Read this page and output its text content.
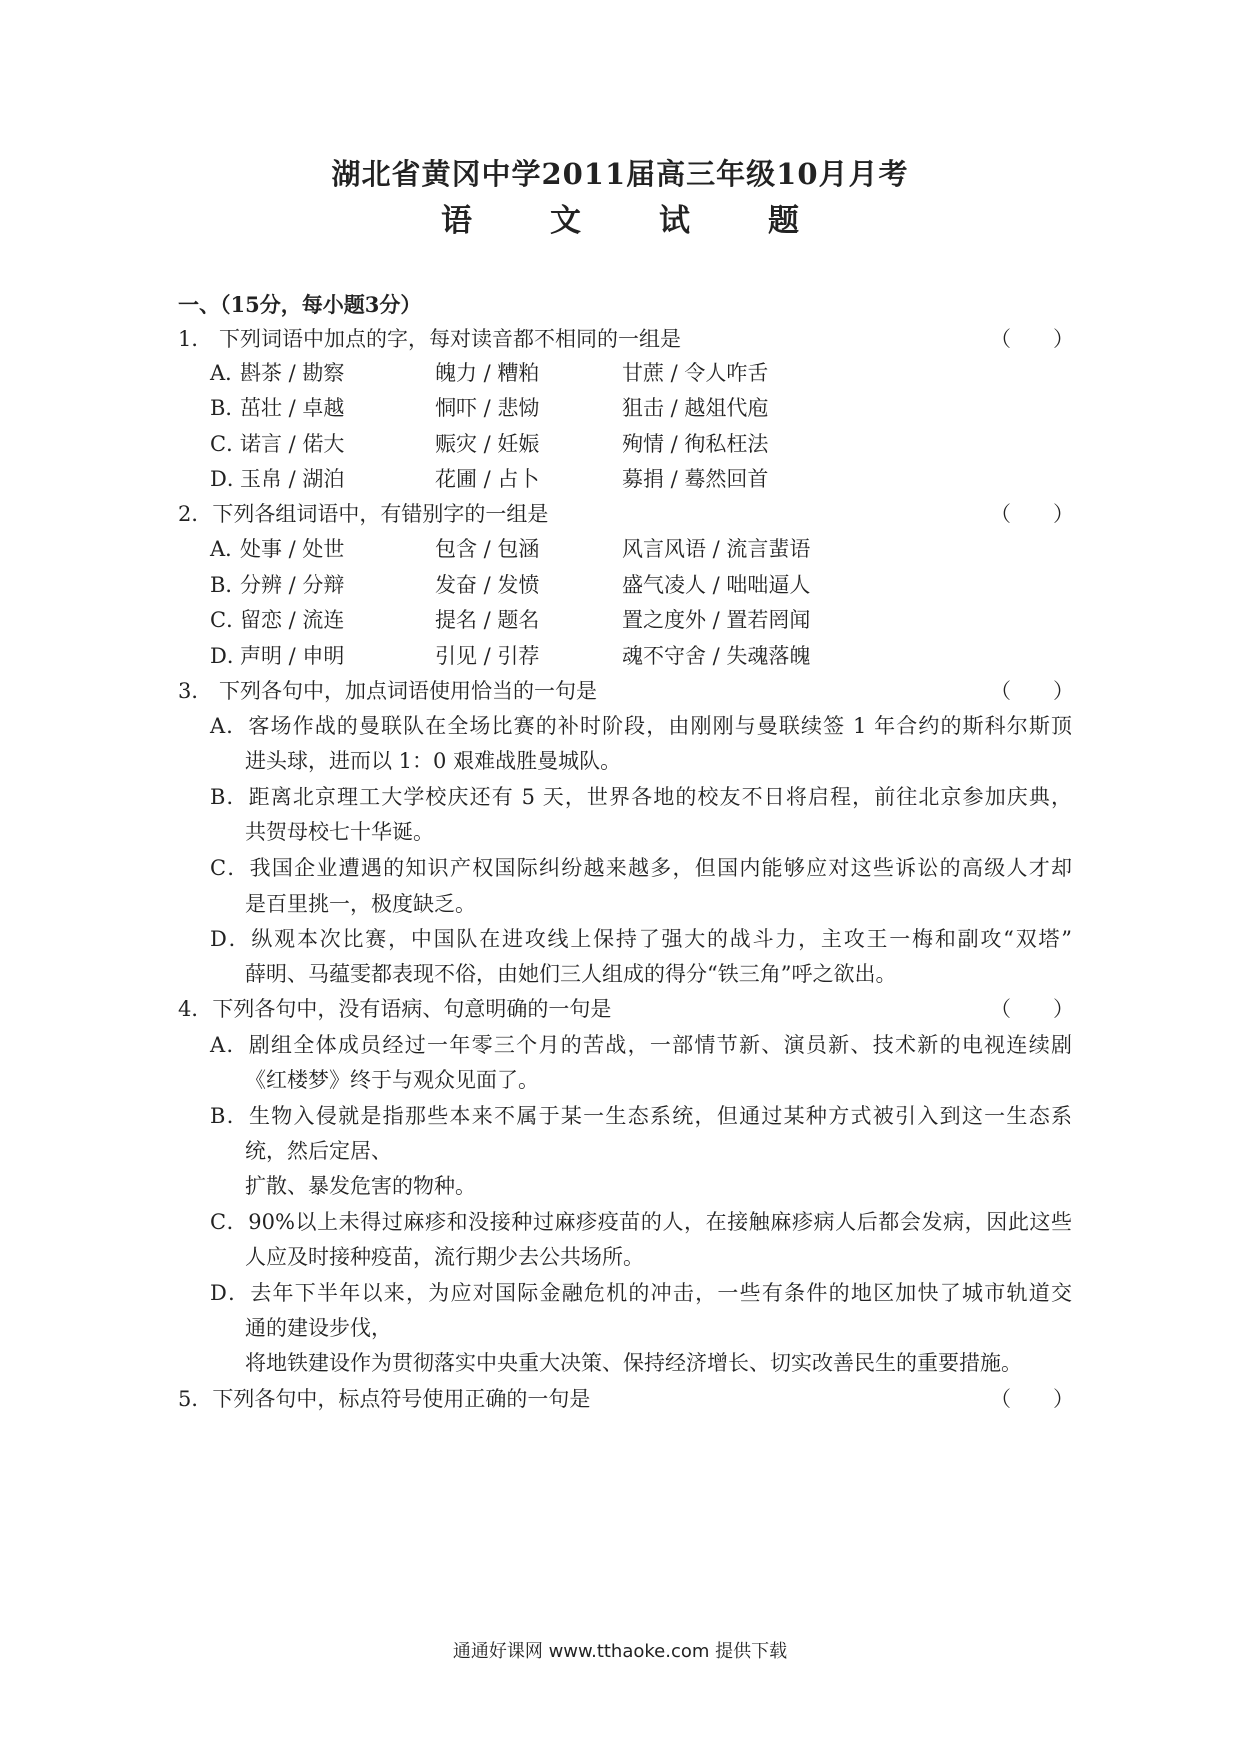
湖北省黄冈中学2011届高三年级10月月考
语	文	试	题
一、（15分，每小题3分）
1． 下列词语中加点的字，每对读音都不相同的一组是	（　　）
A．斟茶 / 勘察	魄力 / 糟粕	甘蔗 / 令人咋舌
B．茁壮 / 卓越	恫吓 / 悲恸	狙击 / 越俎代庖
C．诺言 / 偌大	赈灾 / 妊娠	殉情 / 徇私枉法
D．玉帛 / 湖泊	花圃 / 占卜	募捐 / 蓦然回首
2．下列各组词语中，有错别字的一组是	（　　）
A．处事 / 处世	包含 / 包涵	风言风语 / 流言蜚语
B．分辨 / 分辩	发奋 / 发愤	盛气凌人 / 咄咄逼人
C．留恋 / 流连	提名 / 题名	置之度外 / 置若罔闻
D．声明 / 申明	引见 / 引荐	魂不守舍 / 失魂落魄
3． 下列各句中，加点词语使用恰当的一句是	（　　）
A．客场作战的曼联队在全场比赛的补时阶段，由刚刚与曼联续签 1 年合约的斯科尔斯顶
进头球，进而以 1：0 艰难战胜曼城队。
B．距离北京理工大学校庆还有 5 天，世界各地的校友不日将启程，前往北京参加庆典，
共贺母校七十华诞。
C．我国企业遭遇的知识产权国际纠纷越来越多，但国内能够应对这些诉讼的高级人才却
是百里挑一，极度缺乏。
D．纵观本次比赛，中国队在进攻线上保持了强大的战斗力，主攻王一梅和副攻“双塔”
薛明、马蕴雯都表现不俗，由她们三人组成的得分“铁三角”呼之欲出。
4．下列各句中，没有语病、句意明确的一句是	（　　）
A．剧组全体成员经过一年零三个月的苦战，一部情节新、演员新、技术新的电视连续剧
《红楼梦》终于与观众见面了。
B．生物入侵就是指那些本来不属于某一生态系统，但通过某种方式被引入到这一生态系
统，然后定居、
扩散、暴发危害的物种。
C．90%以上未得过麻疹和没接种过麻疹疫苗的人，在接触麻疹病人后都会发病，因此这些
人应及时接种疫苗，流行期少去公共场所。
D．去年下半年以来，为应对国际金融危机的冲击，一些有条件的地区加快了城市轨道交
通的建设步伐，
将地铁建设作为贯彻落实中央重大决策、保持经济增长、切实改善民生的重要措施。
5．下列各句中，标点符号使用正确的一句是	（　　）
通通好课网 www.tthaoke.com 提供下载
